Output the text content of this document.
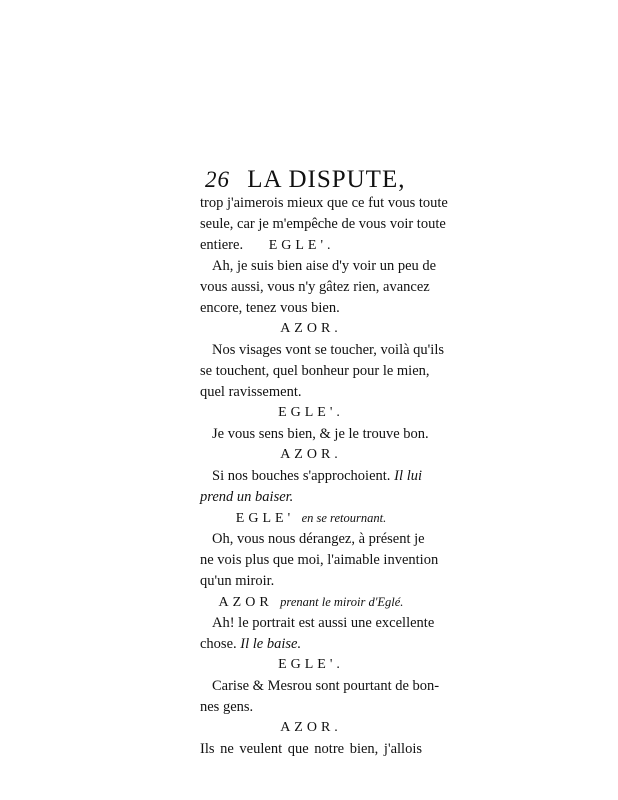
26 LA DISPUTE,
trop j'aimerois mieux que ce fut vous toute
seule, car je m'empêche de vous voir toute
entiere. EGLE'.
Ah, je suis bien aise d'y voir un peu de
vous aussi, vous n'y gâtez rien, avancez
encore, tenez vous bien.
AZOR.
Nos visages vont se toucher, voilà qu'ils
se touchent, quel bonheur pour le mien,
quel ravissement.
EGLE'.
Je vous sens bien, & je le trouve bon.
AZOR.
Si nos bouches s'approchoient. Il lui
prend un baiser.
EGLE' en se retournant.
Oh, vous nous dérangez, à présent je
ne vois plus que moi, l'aimable invention
qu'un miroir.
AZOR prenant le miroir d'Eglé.
Ah! le portrait est aussi une excellente
chose. Il le baise.
EGLE'.
Carise & Mesrou sont pourtant de bon-
nes gens.
AZOR.
Ils ne veulent que notre bien, j'allois
